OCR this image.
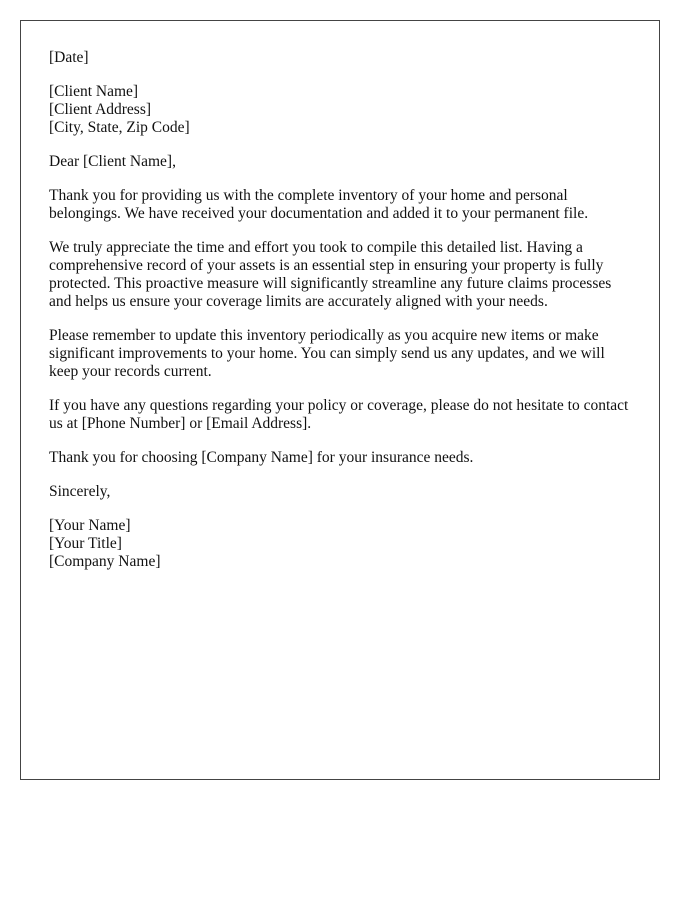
[Date]
[Client Name]
[Client Address]
[City, State, Zip Code]

Dear [Client Name],

Thank you for providing us with the complete inventory of your home and personal belongings. We have received your documentation and added it to your permanent file.

We truly appreciate the time and effort you took to compile this detailed list. Having a comprehensive record of your assets is an essential step in ensuring your property is fully protected. This proactive measure will significantly streamline any future claims processes and helps us ensure your coverage limits are accurately aligned with your needs.

Please remember to update this inventory periodically as you acquire new items or make significant improvements to your home. You can simply send us any updates, and we will keep your records current.

If you have any questions regarding your policy or coverage, please do not hesitate to contact us at [Phone Number] or [Email Address].

Thank you for choosing [Company Name] for your insurance needs.

Sincerely,

[Your Name]
[Your Title]
[Company Name]
